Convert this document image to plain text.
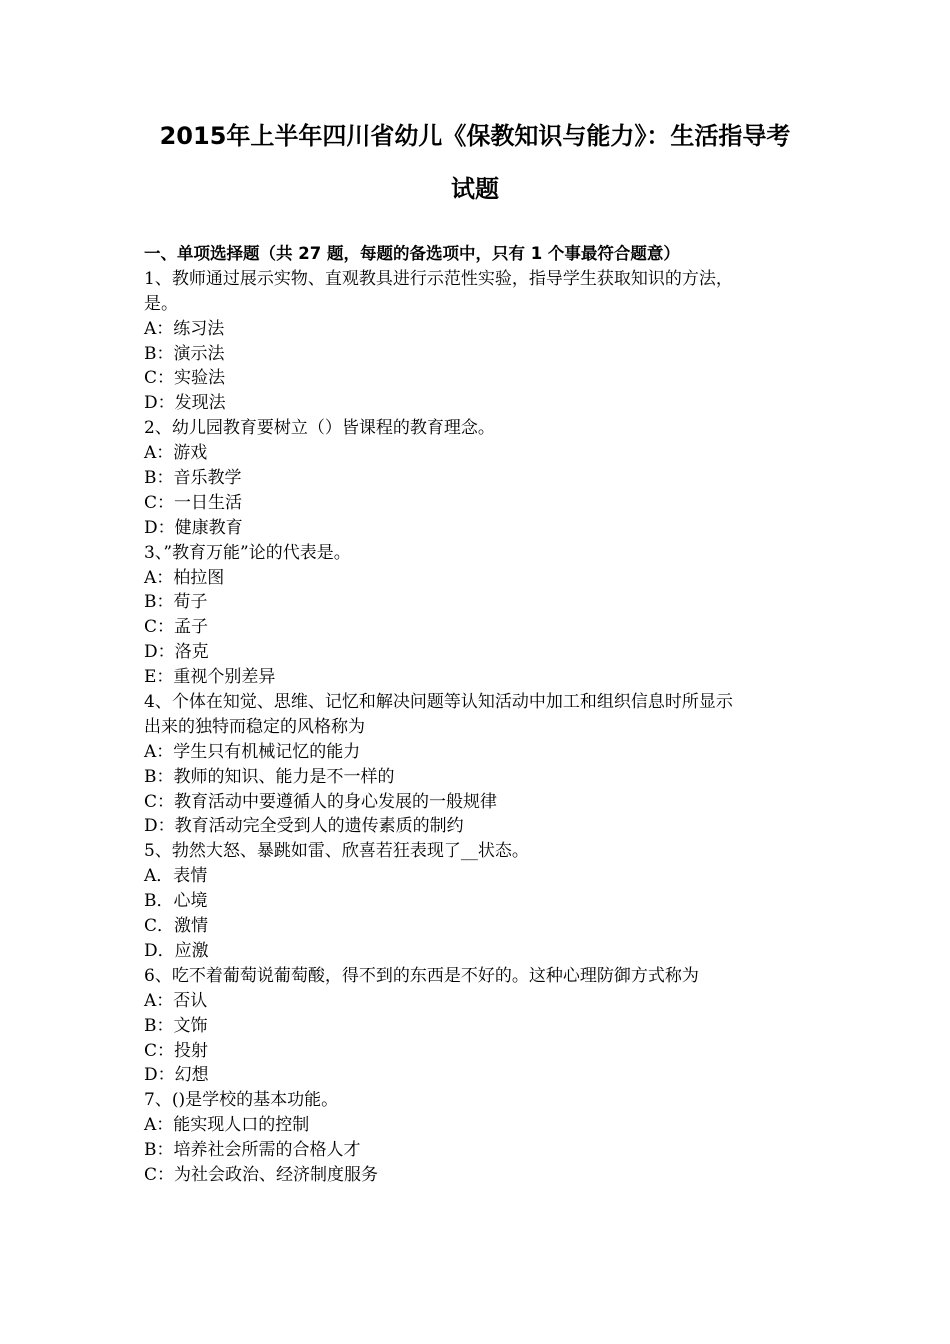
2015年上半年四川省幼儿《保教知识与能力》：生活指导考
试题
一、单项选择题（共 27 题，每题的备选项中，只有 1 个事最符合题意）
1、教师通过展示实物、直观教具进行示范性实验，指导学生获取知识的方法，
是。
A：练习法
B：演示法
C：实验法
D：发现法
2、幼儿园教育要树立（）皆课程的教育理念。
A：游戏
B：音乐教学
C：一日生活
D：健康教育
3、”教育万能”论的代表是。
A：柏拉图
B：荀子
C：孟子
D：洛克
E：重视个别差异
4、个体在知觉、思维、记忆和解决问题等认知活动中加工和组织信息时所显示
出来的独特而稳定的风格称为
A：学生只有机械记忆的能力
B：教师的知识、能力是不一样的
C：教育活动中要遵循人的身心发展的一般规律
D：教育活动完全受到人的遗传素质的制约
5、勃然大怒、暴跳如雷、欣喜若狂表现了__状态。
A．表情
B．心境
C．激情
D．应激
6、吃不着葡萄说葡萄酸，得不到的东西是不好的。这种心理防御方式称为
A：否认
B：文饰
C：投射
D：幻想
7、()是学校的基本功能。
A：能实现人口的控制
B：培养社会所需的合格人才
C：为社会政治、经济制度服务
